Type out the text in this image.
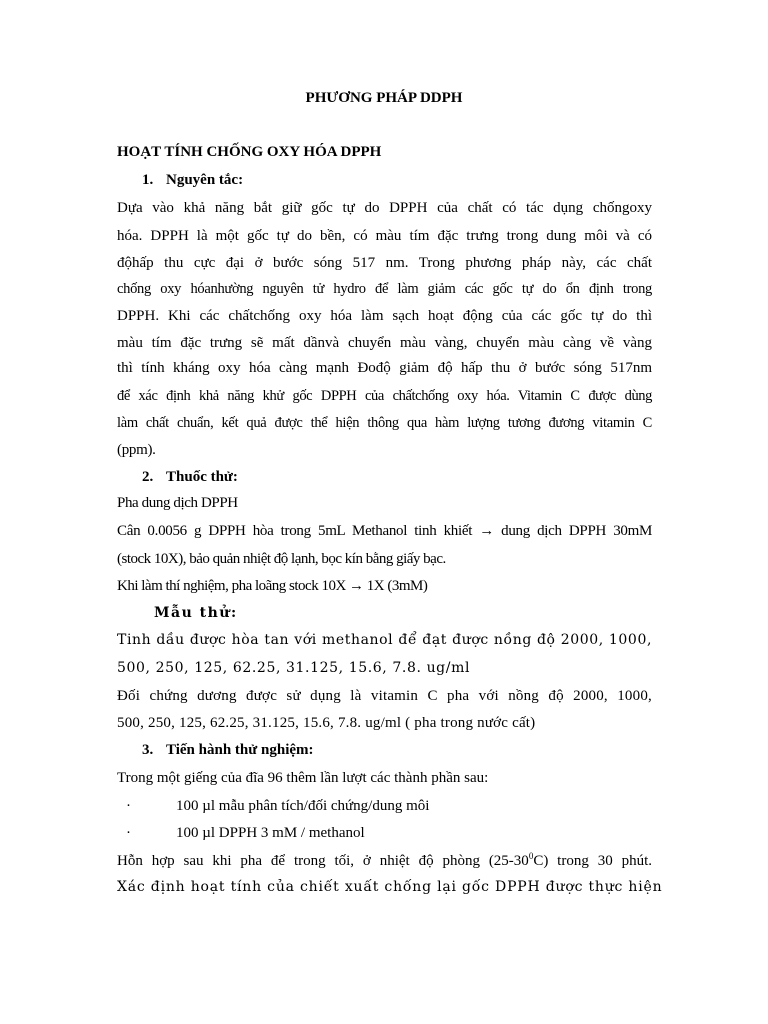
PHƯƠNG PHÁP DDPH
HOẠT TÍNH CHỐNG OXY HÓA DPPH
1. Nguyên tắc:
Dựa vào khả năng bắt giữ gốc tự do DPPH của chất có tác dụng chốngoxy
hóa. DPPH là một gốc tự do bền, có màu tím đặc trưng trong dung môi và có
độhấp thu cực đại ở bước sóng 517 nm. Trong phương pháp này, các chất
chống oxy hóanhường nguyên tử hydro để làm giảm các gốc tự do ổn định trong
DPPH. Khi các chấtchống oxy hóa làm sạch hoạt động của các gốc tự do thì
màu tím đặc trưng sẽ mất dầnvà chuyển màu vàng, chuyển màu càng về vàng
thì tính kháng oxy hóa càng mạnh Đođộ giảm độ hấp thu ở bước sóng 517nm
để xác định khả năng khử gốc DPPH của chấtchống oxy hóa. Vitamin C được dùng
làm chất chuẩn, kết quả được thể hiện thông qua hàm lượng tương đương vitamin C
(ppm).
2. Thuốc thử:
Pha dung dịch DPPH
Cân 0.0056 g DPPH hòa trong 5mL Methanol tinh khiết → dung dịch DPPH 30mM
(stock 10X), bảo quản nhiệt độ lạnh, bọc kín bằng giấy bạc.
Khi làm thí nghiệm, pha loãng stock 10X → 1X (3mM)
Mẫu thử:
Tinh dầu được hòa tan với methanol để đạt được nồng độ 2000, 1000,
500, 250, 125, 62.25, 31.125, 15.6, 7.8. ug/ml
Đối chứng dương được sử dụng là vitamin C pha với nồng độ 2000, 1000,
500, 250, 125, 62.25, 31.125, 15.6, 7.8. ug/ml ( pha trong nước cất)
3. Tiến hành thử nghiệm:
Trong một giếng của đĩa 96 thêm lần lượt các thành phần sau:
·	100 µl mẫu phân tích/đối chứng/dung môi
·	100 µl DPPH 3 mM / methanol
Hỗn hợp sau khi pha để trong tối, ở nhiệt độ phòng $(25-30^0C)$ trong 30 phút.
Xác định hoạt tính của chiết xuất chống lại gốc DPPH được thực hiện
